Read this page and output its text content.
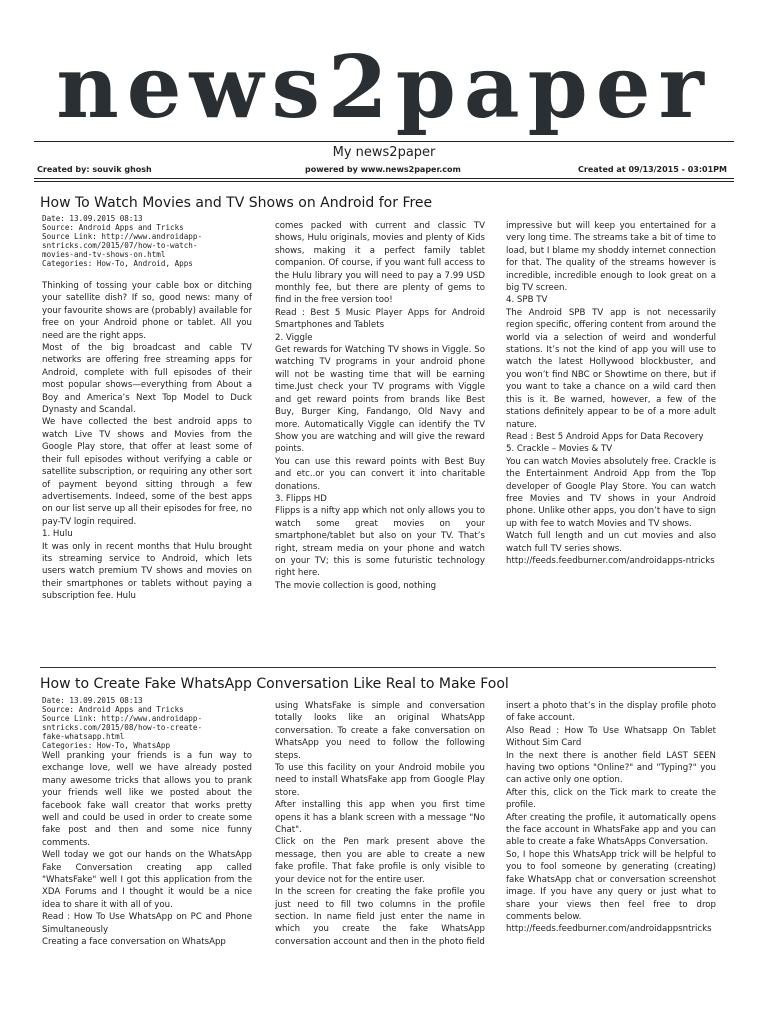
news2paper
My news2paper
Created by: souvik ghosh	powered by www.news2paper.com	Created at 09/13/2015 - 03:01PM
How To Watch Movies and TV Shows on Android for Free
Date: 13.09.2015 08:13
Source: Android Apps and Tricks
Source Link: http://www.androidapp-
sntricks.com/2015/07/how-to-watch-
movies-and-tv-shows-on.html
Categories: How-To, Android, Apps

Thinking of tossing your cable box or ditching your satellite dish? If so, good news: many of your favourite shows are (probably) available for free on your Android phone or tablet. All you need are the right apps.

Most of the big broadcast and cable TV networks are offering free streaming apps for Android, complete with full episodes of their most popular shows—everything from About a Boy and America’s Next Top Model to Duck Dynasty and Scandal.

We have collected the best android apps to watch Live TV shows and Movies from the Google Play store, that offer at least some of their full episodes without verifying a cable or satellite subscription, or requiring any other sort of payment beyond sitting through a few advertisements. Indeed, some of the best apps on our list serve up all their episodes for free, no pay-TV login required.

1. Hulu

It was only in recent months that Hulu brought its streaming service to Android, which lets users watch premium TV shows and movies on their smartphones or tablets without paying a subscription fee. Hulu

comes packed with current and classic TV shows, Hulu originals, movies and plenty of Kids shows, making it a perfect family tablet companion. Of course, if you want full access to the Hulu library you will need to pay a 7.99 USD monthly fee, but there are plenty of gems to find in the free version too!

Read : Best 5 Music Player Apps for Android Smartphones and Tablets

2. Viggle

Get rewards for Watching TV shows in Viggle. So watching TV programs in your android phone will not be wasting time that will be earning time.Just check your TV programs with Viggle and get reward points from brands like Best Buy, Burger King, Fandango, Old Navy and more. Automatically Viggle can identify the TV Show you are watching and will give the reward points.

You can use this reward points with Best Buy and etc..or you can convert it into charitable donations.

3. Flipps HD

Flipps is a nifty app which not only allows you to watch some great movies on your smartphone/tablet but also on your TV. That’s right, stream media on your phone and watch on your TV; this is some futuristic technology right here.

The movie collection is good, nothing

impressive but will keep you entertained for a very long time. The streams take a bit of time to load, but I blame my shoddy internet connection for that. The quality of the streams however is incredible, incredible enough to look great on a big TV screen.

4. SPB TV

The Android SPB TV app is not necessarily region specific, offering content from around the world via a selection of weird and wonderful stations. It’s not the kind of app you will use to watch the latest Hollywood blockbuster, and you won’t find NBC or Showtime on there, but if you want to take a chance on a wild card then this is it. Be warned, however, a few of the stations definitely appear to be of a more adult nature.

Read : Best 5 Android Apps for Data Recovery

5. Crackle – Movies & TV

You can watch Movies absolutely free. Crackle is the Entertainment Android App from the Top developer of Google Play Store. You can watch free Movies and TV shows in your Android phone. Unlike other apps, you don’t have to sign up with fee to watch Movies and TV shows.

Watch full length and un cut movies and also watch full TV series shows.

http://feeds.feedburner.com/androidapps-ntricks

How to Create Fake WhatsApp Conversation Like Real to Make Fool
Date: 13.09.2015 08:13
Source: Android Apps and Tricks
Source Link: http://www.androidapp-
sntricks.com/2015/08/how-to-create-
fake-whatsapp.html
Categories: How-To, WhatsApp

Well pranking your friends is a fun way to exchange love, well we have already posted many awesome tricks that allows you to prank your friends well like we posted about the facebook fake wall creator that works pretty well and could be used in order to create some fake post and then and some nice funny comments.

Well today we got our hands on the WhatsApp Fake Conversation creating app called "WhatsFake" well I got this application from the XDA Forums and I thought it would be a nice idea to share it with all of you.

Read : How To Use WhatsApp on PC and Phone Simultaneously

Creating a face conversation on WhatsApp

using WhatsFake is simple and conversation totally looks like an original WhatsApp conversation. To create a fake conversation on WhatsApp you need to follow the following steps.

To use this facility on your Android mobile you need to install WhatsFake app from Google Play store.

After installing this app when you first time opens it has a blank screen with a message "No Chat".

Click on the Pen mark present above the message, then you are able to create a new fake profile. That fake profile is only visible to your device not for the entire user.

In the screen for creating the fake profile you just need to fill two columns in the profile section. In name field just enter the name in which you create the fake WhatsApp conversation account and then in the photo field

insert a photo that’s in the display profile photo of fake account.

Also Read : How To Use Whatsapp On Tablet Without Sim Card

In the next there is another field LAST SEEN having two options "Online?" and "Typing?" you can active only one option.

After this, click on the Tick mark to create the profile.

After creating the profile, it automatically opens the face account in WhatsFake app and you can able to create a fake WhatsApps Conversation.

So, I hope this WhatsApp trick will be helpful to you to fool someone by generating (creating) fake WhatsApp chat or conversation screenshot image. If you have any query or just what to share your views then feel free to drop comments below.

http://feeds.feedburner.com/androidappsntricks
